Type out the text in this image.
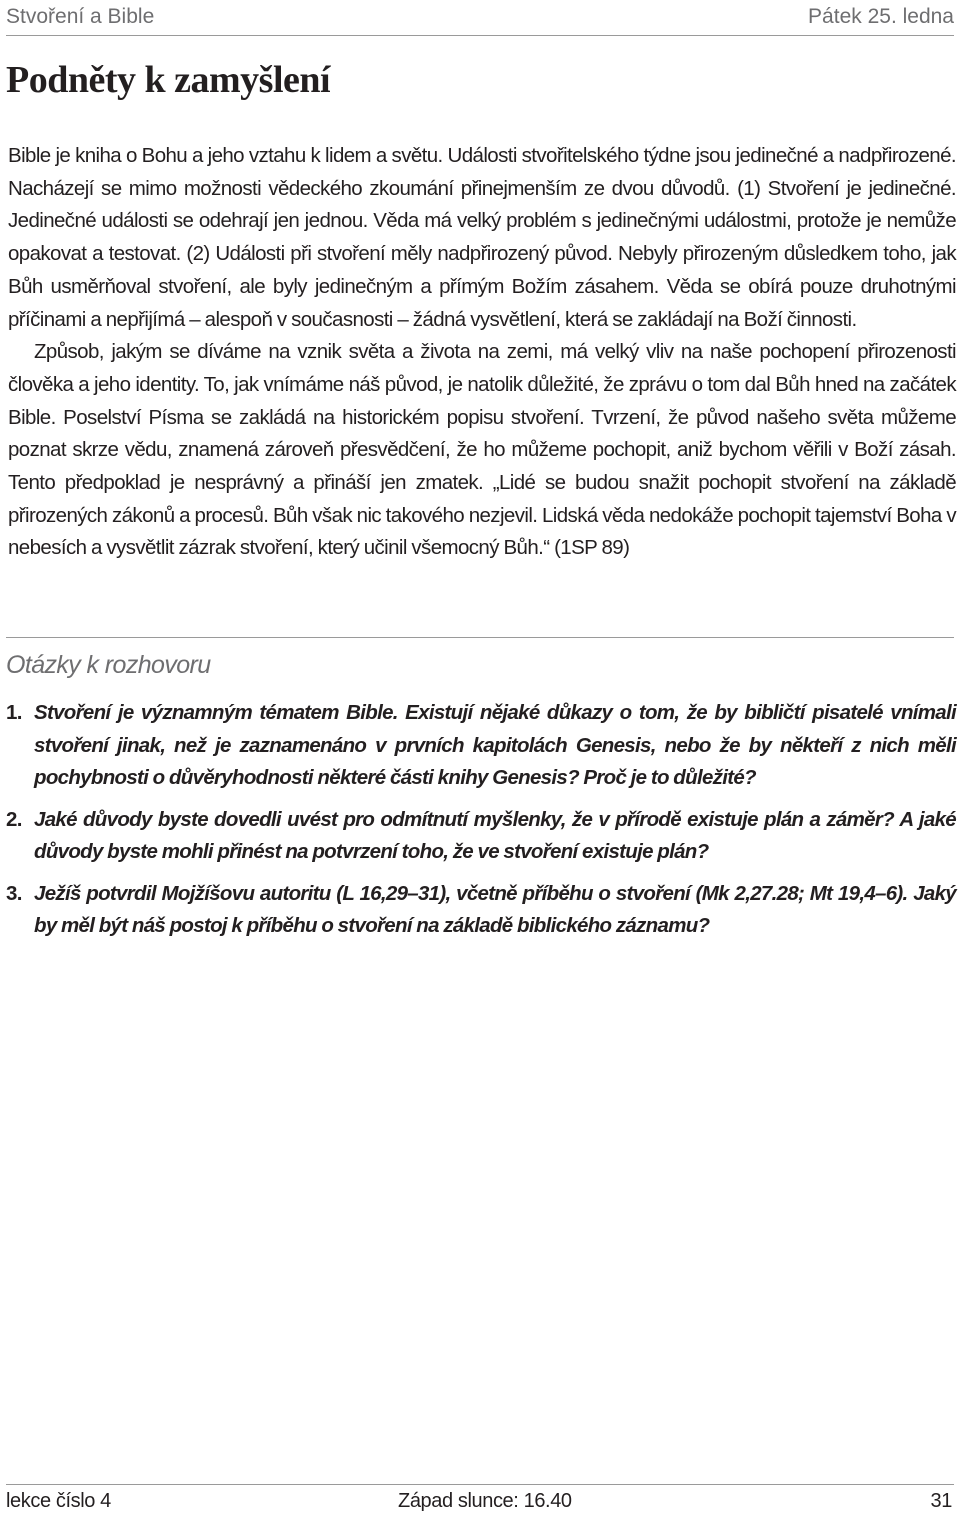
Stvoření a Bible	Pátek 25. ledna
Podněty k zamyšlení

Bible je kniha o Bohu a jeho vztahu k lidem a světu. Události stvořitelského týdne jsou jedinečné a nadpřirozené. Nacházejí se mimo možnosti vědeckého zkoumání přinejmenším ze dvou důvodů. (1) Stvoření je jedinečné. Jedinečné události se odehrají jen jednou. Věda má velký problém s jedinečnými událostmi, protože je nemůže opakovat a testovat. (2) Události při stvoření měly nadpřirozený původ. Nebyly přirozeným důsledkem toho, jak Bůh usměrňoval stvoření, ale byly jedinečným a přímým Božím zásahem. Věda se obírá pouze druhotnými příčinami a nepřijímá – alespoň v současnosti – žádná vysvětlení, která se zakládají na Boží činnosti.

Způsob, jakým se díváme na vznik světa a života na zemi, má velký vliv na naše pochopení přirozenosti člověka a jeho identity. To, jak vnímáme náš původ, je natolik důležité, že zprávu o tom dal Bůh hned na začátek Bible. Poselství Písma se zakládá na historickém popisu stvoření. Tvrzení, že původ našeho světa můžeme poznat skrze vědu, znamená zároveň přesvědčení, že ho můžeme pochopit, aniž bychom věřili v Boží zásah. Tento předpoklad je nesprávný a přináší jen zmatek. „Lidé se budou snažit pochopit stvoření na základě přirozených zákonů a procesů. Bůh však nic takového nezjevil. Lidská věda nedokáže pochopit tajemství Boha v nebesích a vysvětlit zázrak stvoření, který učinil všemocný Bůh.“ (1SP 89)

Otázky k rozhovoru
1. Stvoření je významným tématem Bible. Existují nějaké důkazy o tom, že by bibličtí pisatelé vnímali stvoření jinak, než je zaznamenáno v prvních kapitolách Genesis, nebo že by někteří z nich měli pochybnosti o důvěryhodnosti některé části knihy Genesis? Proč je to důležité?
2. Jaké důvody byste dovedli uvést pro odmítnutí myšlenky, že v přírodě existuje plán a záměr? A jaké důvody byste mohli přinést na potvrzení toho, že ve stvoření existuje plán?
3. Ježíš potvrdil Mojžíšovu autoritu (L 16,29–31), včetně příběhu o stvoření (Mk 2,27.28; Mt 19,4–6). Jaký by měl být náš postoj k příběhu o stvoření na základě biblického záznamu?
lekce číslo 4	Západ slunce: 16.40	31
